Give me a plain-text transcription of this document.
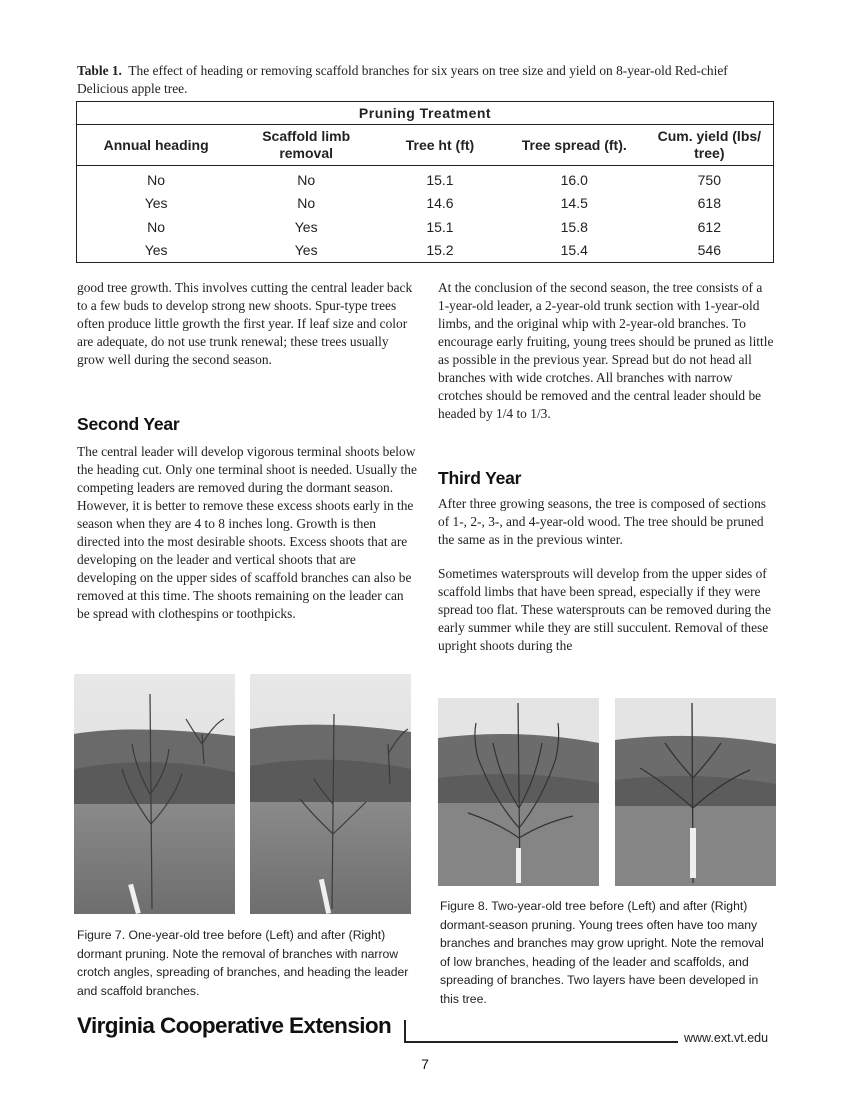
Table 1. The effect of heading or removing scaffold branches for six years on tree size and yield on 8-year-old Red-chief Delicious apple tree.
Pruning Treatment				
Annual heading	Scaffold limb removal	Tree ht (ft)	Tree spread (ft).	Cum. yield (lbs/ tree)
No	No	15.1	16.0	750
Yes	No	14.6	14.5	618
No	Yes	15.1	15.8	612
Yes	Yes	15.2	15.4	546

good tree growth. This involves cutting the central leader back to a few buds to develop strong new shoots. Spur-type trees often produce little growth the first year. If leaf size and color are adequate, do not use trunk renewal; these trees usually grow well during the second season.

Second Year

The central leader will develop vigorous terminal shoots below the heading cut. Only one terminal shoot is needed. Usually the competing leaders are removed during the dormant season. However, it is better to remove these excess shoots early in the season when they are 4 to 8 inches long. Growth is then directed into the most desirable shoots. Excess shoots that are developing on the leader and vertical shoots that are developing on the upper sides of scaffold branches can also be removed at this time. The shoots remaining on the leader can be spread with clothespins or toothpicks.

At the conclusion of the second season, the tree consists of a 1-year-old leader, a 2-year-old trunk section with 1-year-old limbs, and the original whip with 2-year-old branches. To encourage early fruiting, young trees should be pruned as little as possible in the previous year. Spread but do not head all branches with wide crotches. All branches with narrow crotches should be removed and the central leader should be headed by 1/4 to 1/3.

Third Year

After three growing seasons, the tree is composed of sections of 1-, 2-, 3-, and 4-year-old wood. The tree should be pruned the same as in the previous winter.

Sometimes watersprouts will develop from the upper sides of scaffold limbs that have been spread, especially if they were spread too flat. These watersprouts can be removed during the early summer while they are still succulent. Removal of these upright shoots during the

Figure 7. One-year-old tree before (Left) and after (Right) dormant pruning. Note the removal of branches with narrow crotch angles, spreading of branches, and heading the leader and scaffold branches.
Figure 8. Two-year-old tree before (Left) and after (Right) dormant-season pruning. Young trees often have too many branches and branches may grow upright. Note the removal of low branches, heading of the leader and scaffolds, and spreading of branches. Two layers have been developed in this tree.
Virginia Cooperative Extension	www.ext.vt.edu
7
